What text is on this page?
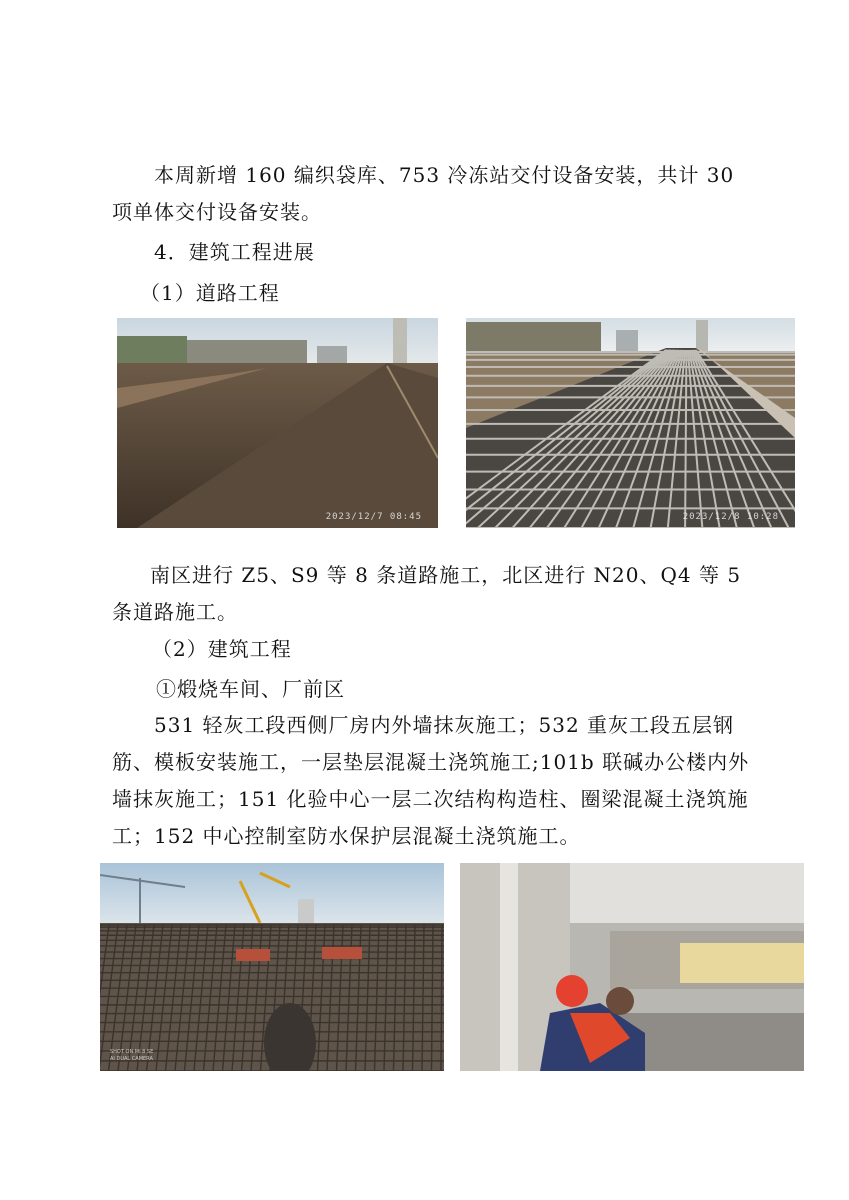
本周新增 160 编织袋库、753 冷冻站交付设备安装，共计 30 项单体交付设备安装。

4．建筑工程进展

（1）道路工程

2023/12/7 08:45	2023/12/8 10:28

南区进行 Z5、S9 等 8 条道路施工，北区进行 N20、Q4 等 5 条道路施工。

（2）建筑工程

①煅烧车间、厂前区

531 轻灰工段西侧厂房内外墙抹灰施工；532 重灰工段五层钢筋、模板安装施工，一层垫层混凝土浇筑施工;101b 联碱办公楼内外墙抹灰施工；151 化验中心一层二次结构构造柱、圈梁混凝土浇筑施工；152 中心控制室防水保护层混凝土浇筑施工。

SHOT ON MI 8 SE
AI DUAL CAMERA
